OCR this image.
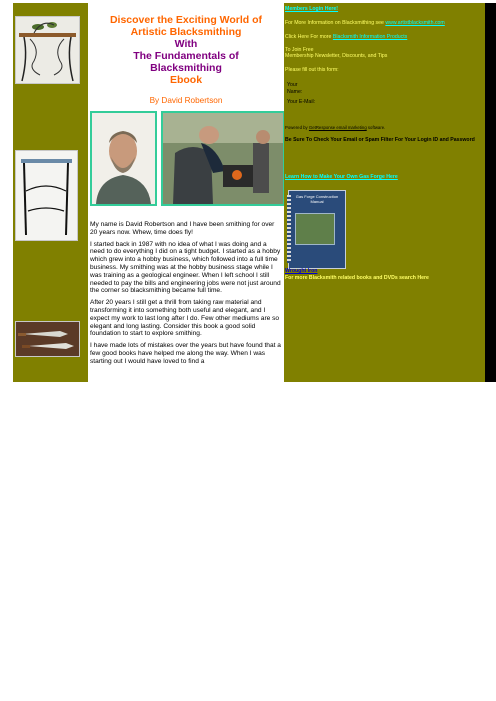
Discover the Exciting World of
Artistic Blacksmithing
With
The Fundamentals of
Blacksmithing
Ebook
By David Robertson

My name is David Robertson and I have been smithing for over 20 years now. Whew, time does fly!

I started back in 1987 with no idea of what I was doing and a need to do everything I did on a tight budget. I started as a hobby which grew into a hobby business, which followed into a full time business. My smithing was at the hobby business stage while I was training as a geological engineer. When I left school I still needed to pay the bills and engineering jobs were not just around the corner so blacksmithing became full time.

After 20 years I still get a thrill from taking raw material and transforming it into something both useful and elegant, and I expect my work to last long after I do. Few other mediums are so elegant and long lasting. Consider this book a good solid foundation to start to explore smithing.

I have made lots of mistakes over the years but have found that a few good books have helped me along the way. When I was starting out I would have loved to find a

Members Login Here!
For More Information on Blacksmithing see www.artistblacksmith.com
Click Here For more Blacksmith Information Products
To Join Free
Membership Newsletter, Discounts, and Tips
Please fill out this form:
Your
Name:
Your E-Mail:
Powered by GetResponse email marketing software.
Be Sure To Check Your Email or Spam Filter For Your Login ID and Password
Learn How to Make Your Own Gas Forge Here
Gas Forge Construction Manual
Wrought Iron
For more Blacksmith related books and DVDs search Here
